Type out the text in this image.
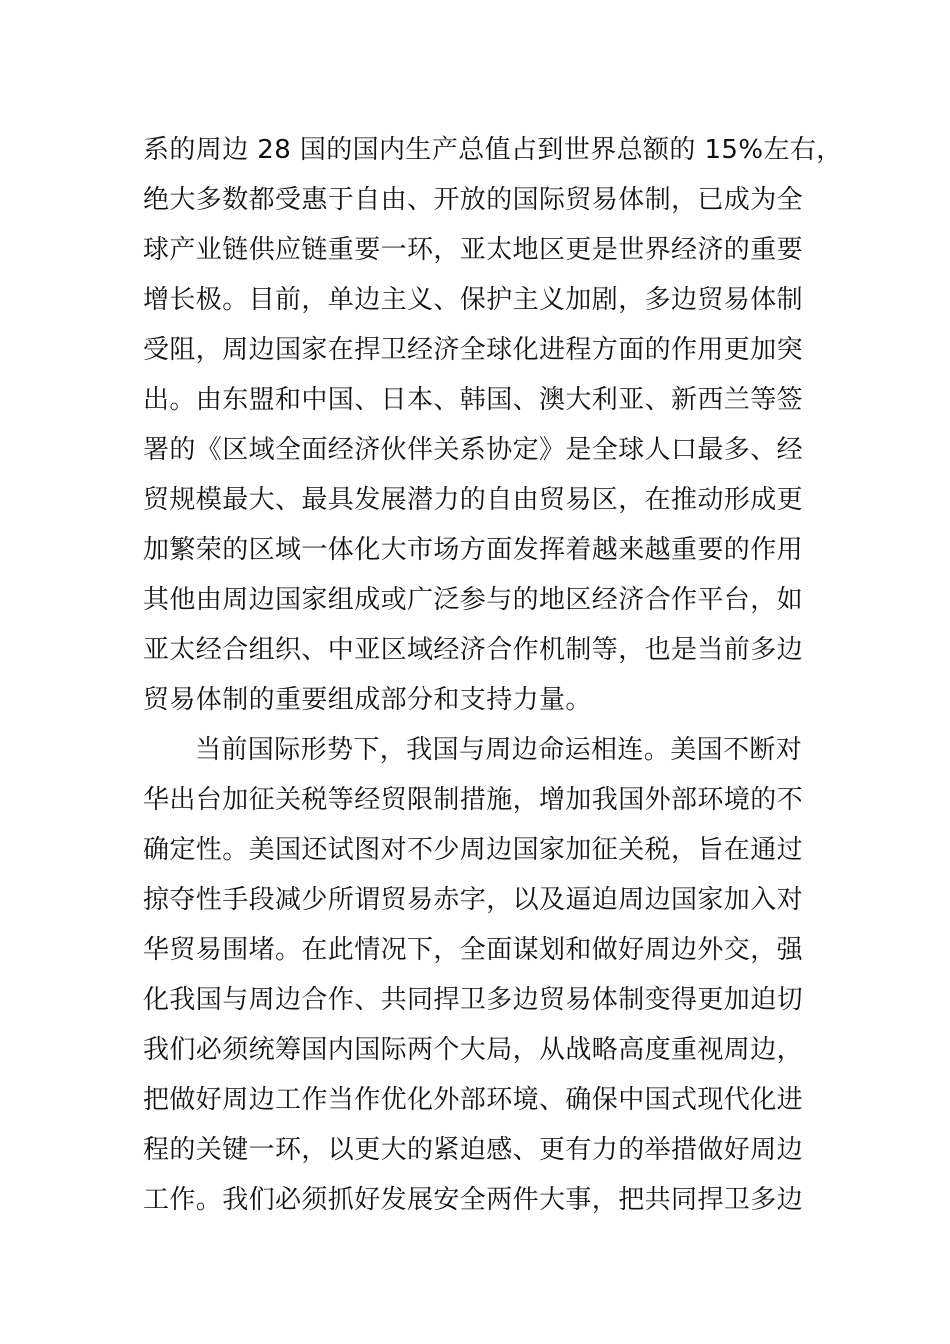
系的周边 28 国的国内生产总值占到世界总额的 15%左右，
绝大多数都受惠于自由、开放的国际贸易体制，已成为全
球产业链供应链重要一环，亚太地区更是世界经济的重要
增长极。目前，单边主义、保护主义加剧，多边贸易体制
受阻，周边国家在捍卫经济全球化进程方面的作用更加突
出。由东盟和中国、日本、韩国、澳大利亚、新西兰等签
署的《区域全面经济伙伴关系协定》是全球人口最多、经
贸规模最大、最具发展潜力的自由贸易区，在推动形成更
加繁荣的区域一体化大市场方面发挥着越来越重要的作用
其他由周边国家组成或广泛参与的地区经济合作平台，如
亚太经合组织、中亚区域经济合作机制等，也是当前多边
贸易体制的重要组成部分和支持力量。
当前国际形势下，我国与周边命运相连。美国不断对
华出台加征关税等经贸限制措施，增加我国外部环境的不
确定性。美国还试图对不少周边国家加征关税，旨在通过
掠夺性手段减少所谓贸易赤字，以及逼迫周边国家加入对
华贸易围堵。在此情况下，全面谋划和做好周边外交，强
化我国与周边合作、共同捍卫多边贸易体制变得更加迫切
我们必须统筹国内国际两个大局，从战略高度重视周边，
把做好周边工作当作优化外部环境、确保中国式现代化进
程的关键一环，以更大的紧迫感、更有力的举措做好周边
工作。我们必须抓好发展安全两件大事，把共同捍卫多边
